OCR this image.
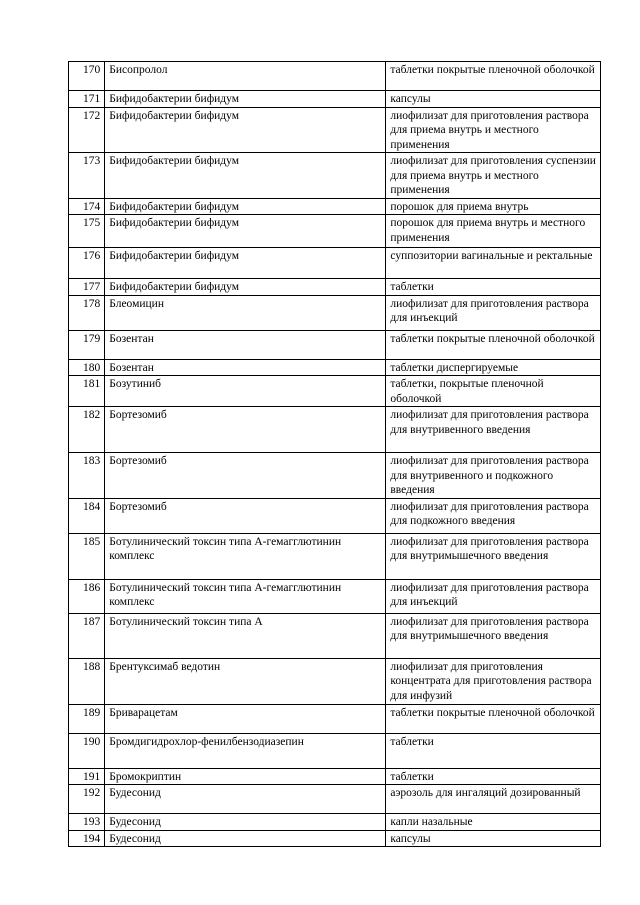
170	Бисопролол	таблетки покрытые пленочной оболочкой
171	Бифидобактерии бифидум	капсулы
172	Бифидобактерии бифидум	лиофилизат для приготовления раствора для приема внутрь и местного применения
173	Бифидобактерии бифидум	лиофилизат для приготовления суспензии для приема внутрь и местного применения
174	Бифидобактерии бифидум	порошок для приема внутрь
175	Бифидобактерии бифидум	порошок для приема внутрь и местного применения
176	Бифидобактерии бифидум	суппозитории вагинальные и ректальные
177	Бифидобактерии бифидум	таблетки
178	Блеомицин	лиофилизат для приготовления раствора для инъекций
179	Бозентан	таблетки покрытые пленочной оболочкой
180	Бозентан	таблетки диспергируемые
181	Бозутиниб	таблетки, покрытые пленочной оболочкой
182	Бортезомиб	лиофилизат для приготовления раствора для внутривенного введения
183	Бортезомиб	лиофилизат для приготовления раствора для внутривенного и подкожного введения
184	Бортезомиб	лиофилизат для приготовления раствора для подкожного введения
185	Ботулинический токсин типа А-гемагглютинин комплекс	лиофилизат для приготовления раствора для внутримышечного введения
186	Ботулинический токсин типа А-гемагглютинин комплекс	лиофилизат для приготовления раствора для инъекций
187	Ботулинический токсин типа А	лиофилизат для приготовления раствора для внутримышечного введения
188	Брентуксимаб ведотин	лиофилизат для приготовления концентрата для приготовления раствора для инфузий
189	Бриварацетам	таблетки покрытые пленочной оболочкой
190	Бромдигидрохлор-фенилбензодиазепин	таблетки
191	Бромокриптин	таблетки
192	Будесонид	аэрозоль для ингаляций дозированный
193	Будесонид	капли назальные
194	Будесонид	капсулы
